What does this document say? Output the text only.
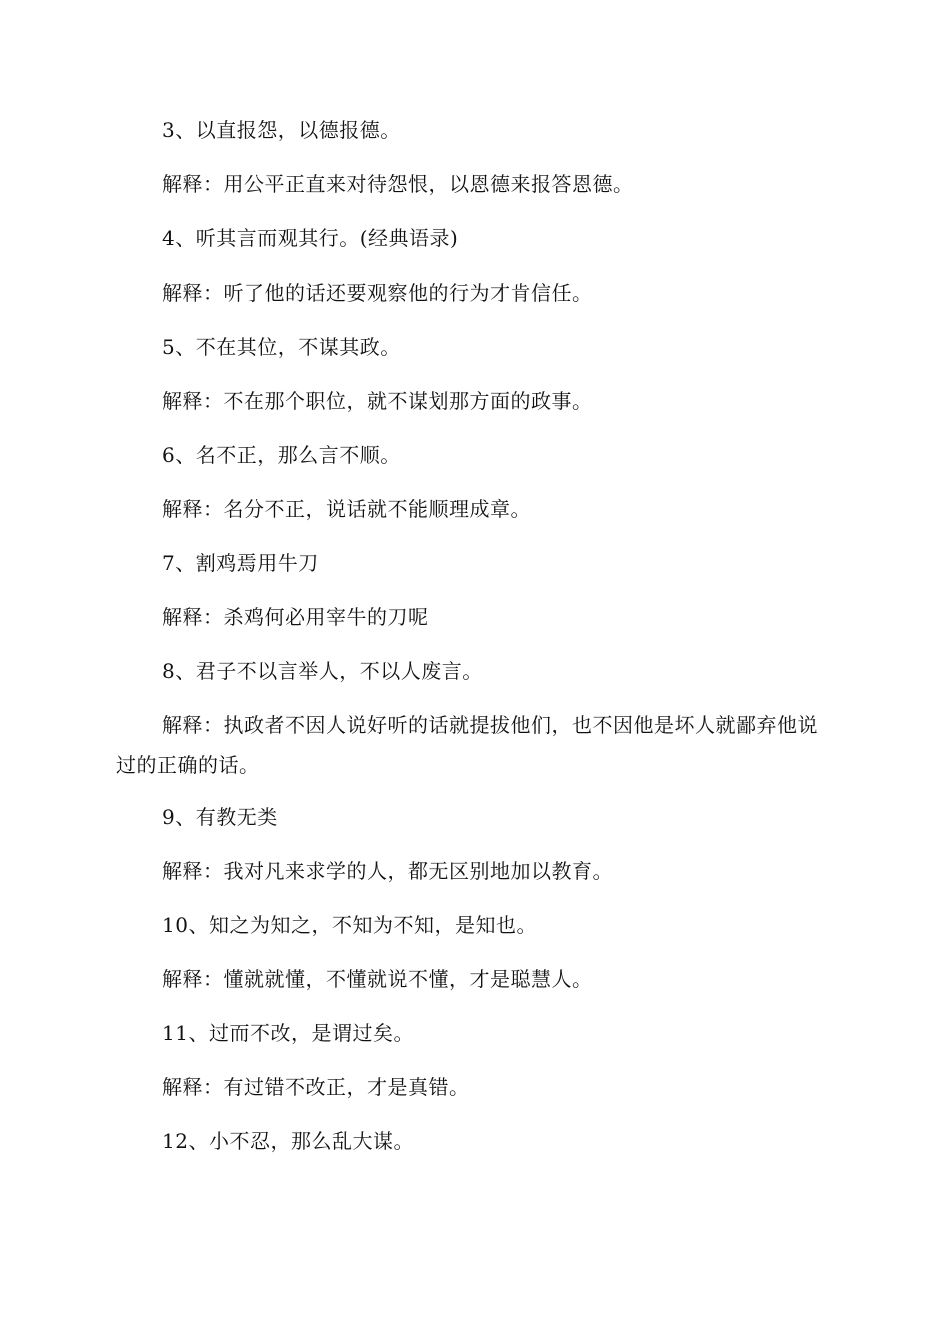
3、以直报怨，以德报德。
解释：用公平正直来对待怨恨，以恩德来报答恩德。
4、听其言而观其行。(经典语录)
解释：听了他的话还要观察他的行为才肯信任。
5、不在其位，不谋其政。
解释：不在那个职位，就不谋划那方面的政事。
6、名不正，那么言不顺。
解释：名分不正，说话就不能顺理成章。
7、割鸡焉用牛刀
解释：杀鸡何必用宰牛的刀呢
8、君子不以言举人，不以人废言。
解释：执政者不因人说好听的话就提拔他们，也不因他是坏人就鄙弃他说过的正确的话。
9、有教无类
解释：我对凡来求学的人，都无区别地加以教育。
10、知之为知之，不知为不知，是知也。
解释：懂就就懂，不懂就说不懂，才是聪慧人。
11、过而不改，是谓过矣。
解释：有过错不改正，才是真错。
12、小不忍，那么乱大谋。
